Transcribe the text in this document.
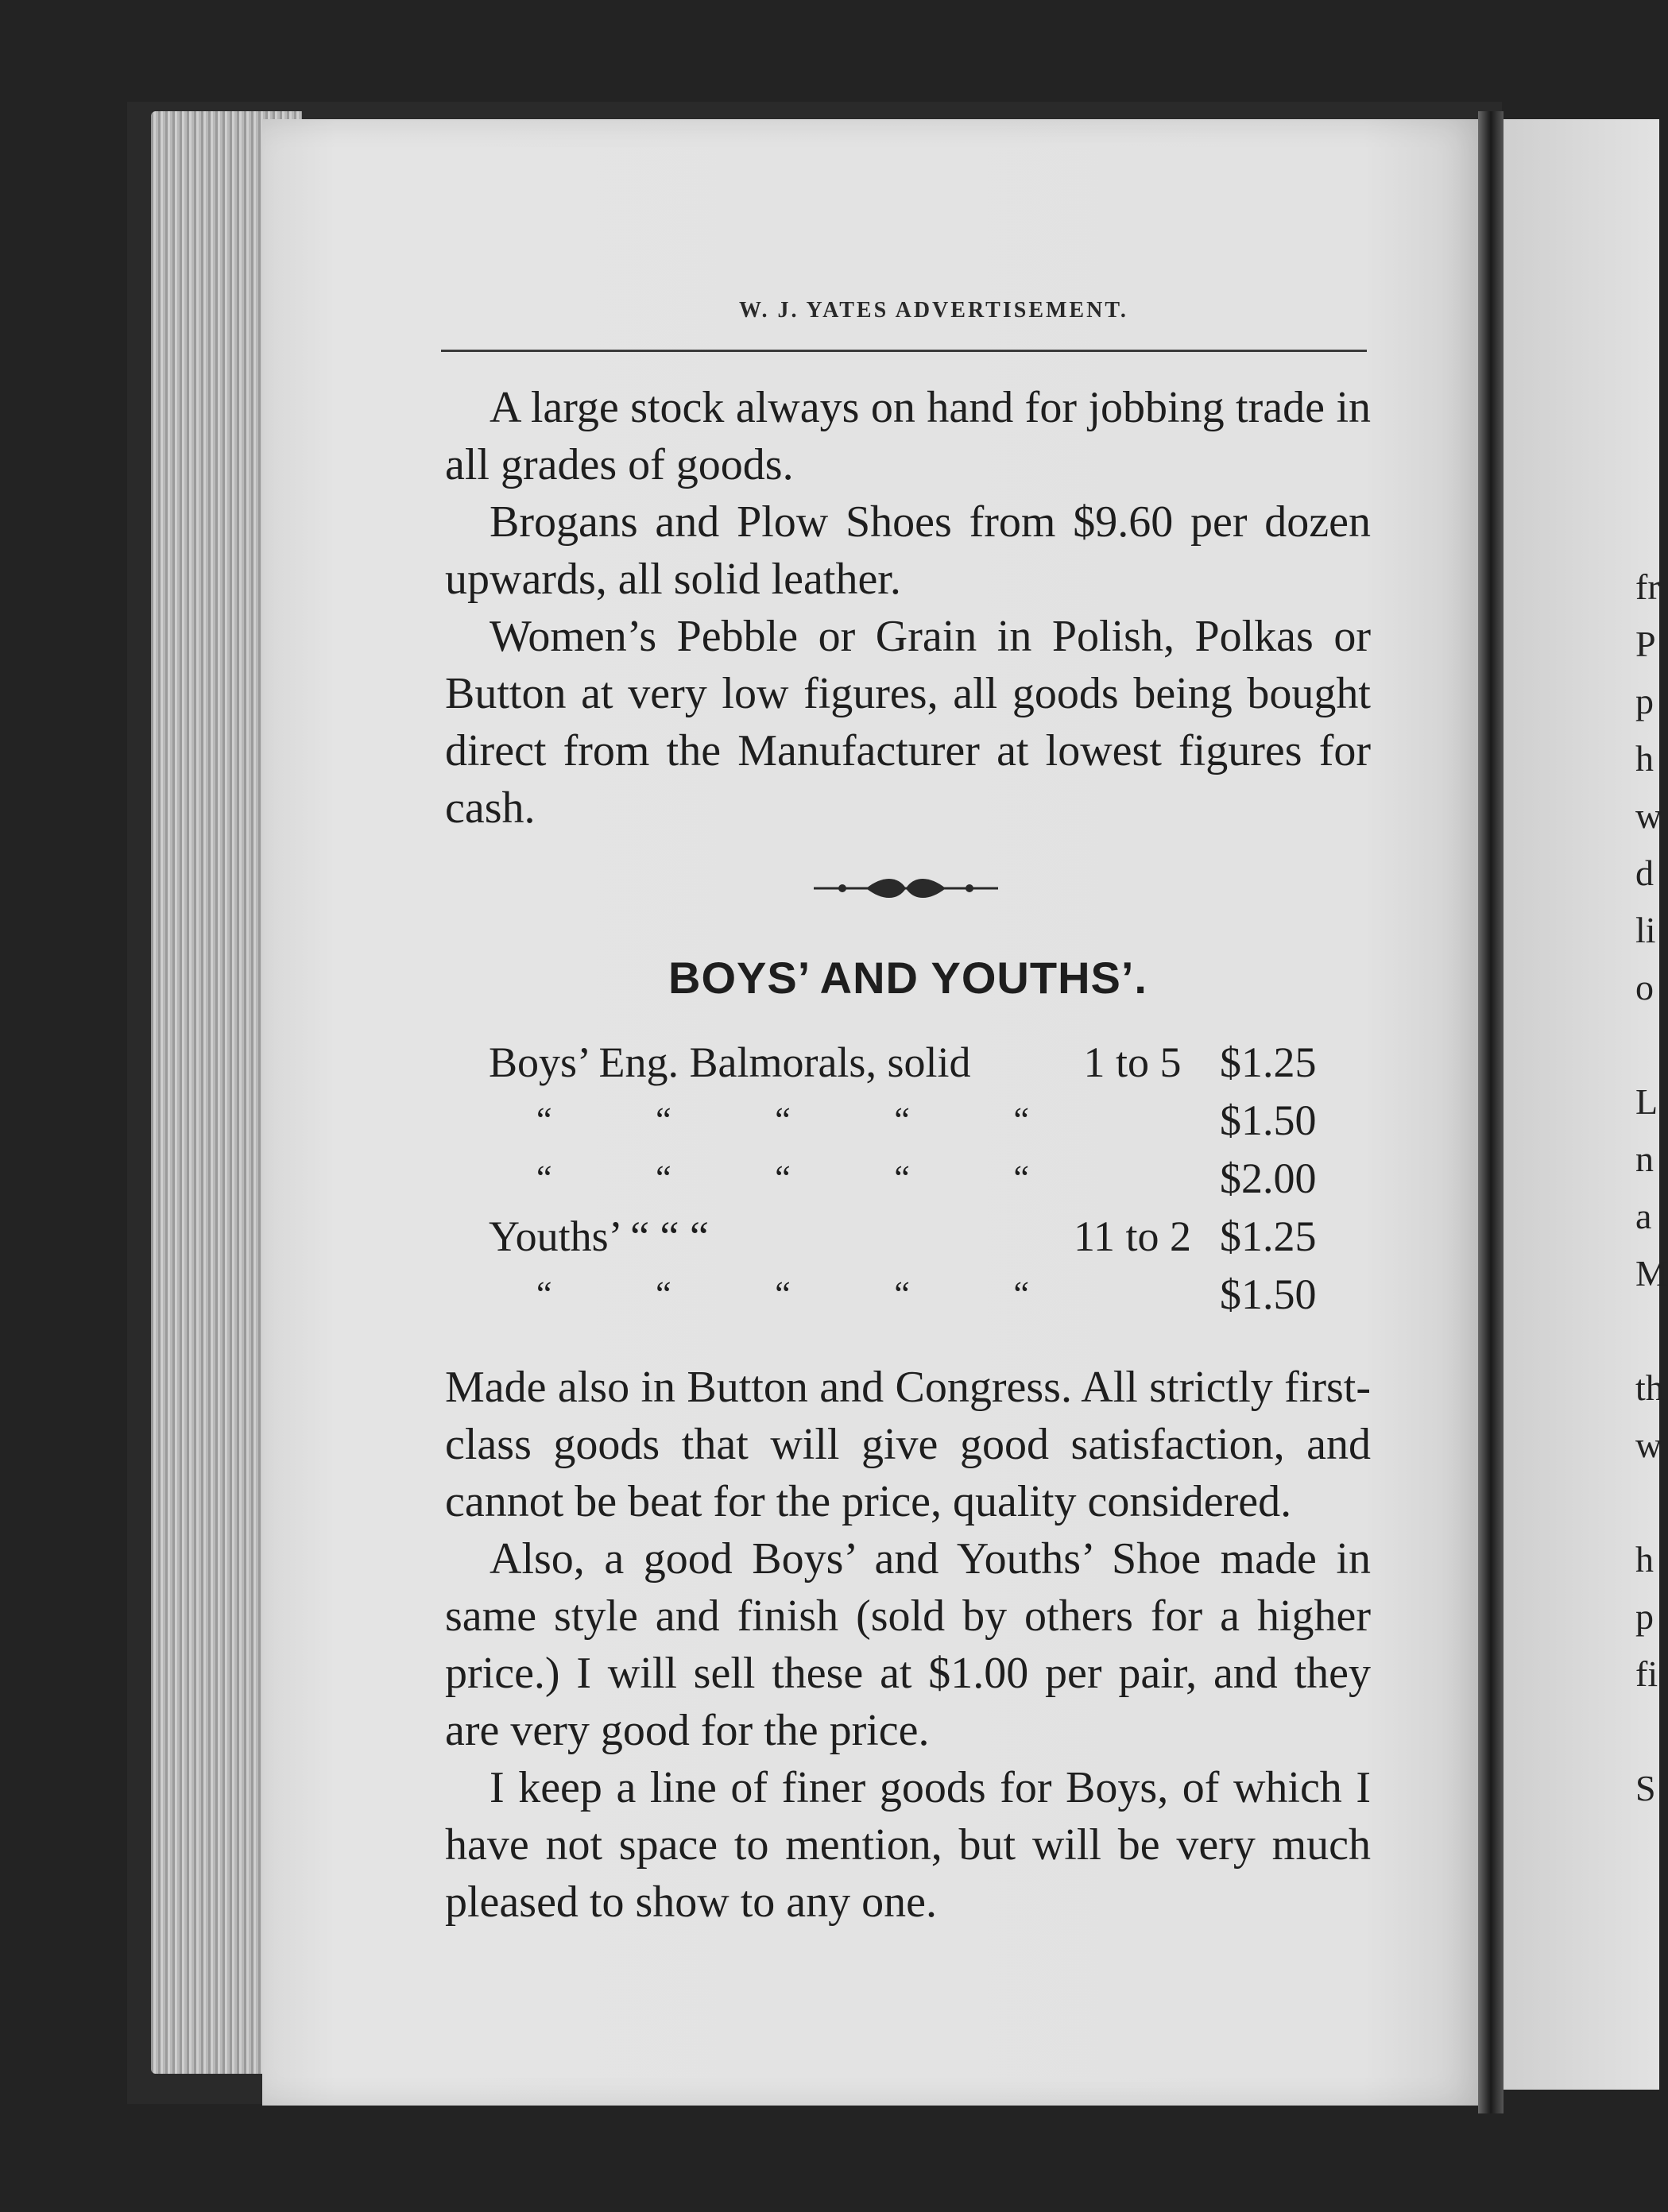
W. J. YATES ADVERTISEMENT.

A large stock always on hand for jobbing trade in all grades of goods.

Brogans and Plow Shoes from $9.60 per dozen upwards, all solid leather.

Women’s Pebble or Grain in Polish, Polkas or Button at very low figures, all goods being bought direct from the Manufacturer at lowest figures for cash.

BOYS’ AND YOUTHS’.
Boys’ Eng. Balmorals, solid	1 to 5	$1.25

“ “ “ “ “		$1.50

“ “ “ “ “		$2.00
Youths’ “ “ “	11 to 2	$1.25

“ “ “ “ “		$1.50

Made also in Button and Congress. All strictly first-class goods that will give good satisfaction, and cannot be beat for the price, quality considered.

Also, a good Boys’ and Youths’ Shoe made in same style and finish (sold by others for a higher price.) I will sell these at $1.00 per pair, and they are very good for the price.

I keep a line of finer goods for Boys, of which I have not space to mention, but will be very much pleased to show to any one.

fr
P
p
h
w
d
li
o
L
n
a
M
th
w
h
p
fi
S
